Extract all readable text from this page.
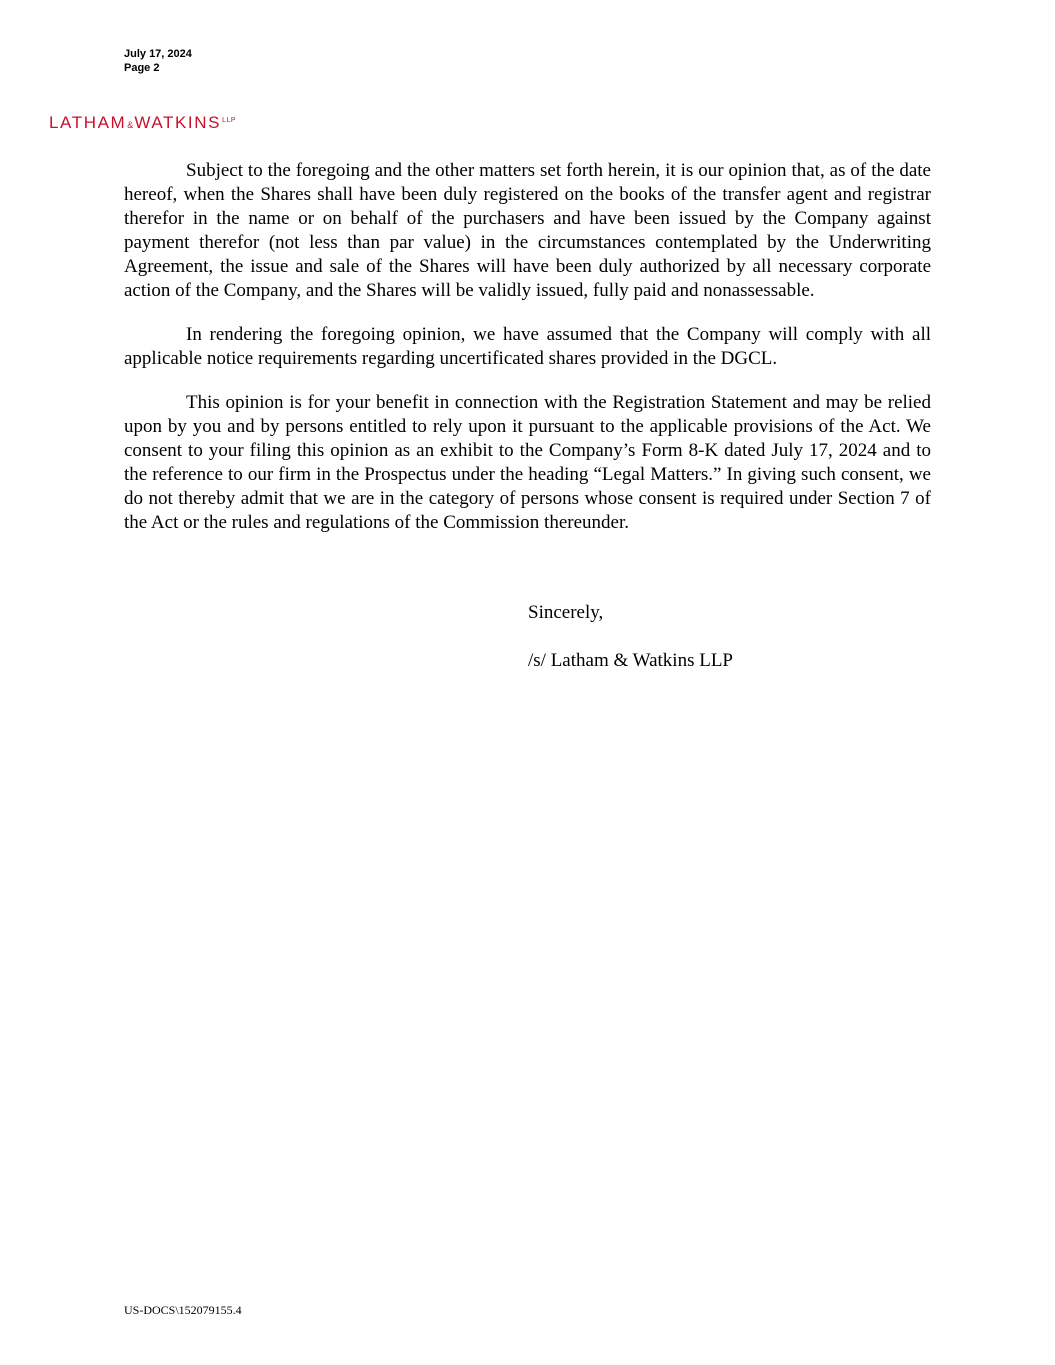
July 17, 2024
Page 2
$LATHAM\&WATKINS^{LLP}$

Subject to the foregoing and the other matters set forth herein, it is our opinion that, as of the date hereof, when the Shares shall have been duly registered on the books of the transfer agent and registrar therefor in the name or on behalf of the purchasers and have been issued by the Company against payment therefor (not less than par value) in the circumstances contemplated by the Underwriting Agreement, the issue and sale of the Shares will have been duly authorized by all necessary corporate action of the Company, and the Shares will be validly issued, fully paid and nonassessable.

In rendering the foregoing opinion, we have assumed that the Company will comply with all applicable notice requirements regarding uncertificated shares provided in the DGCL.

This opinion is for your benefit in connection with the Registration Statement and may be relied upon by you and by persons entitled to rely upon it pursuant to the applicable provisions of the Act. We consent to your filing this opinion as an exhibit to the Company’s Form 8-K dated July 17, 2024 and to the reference to our firm in the Prospectus under the heading “Legal Matters.” In giving such consent, we do not thereby admit that we are in the category of persons whose consent is required under Section 7 of the Act or the rules and regulations of the Commission thereunder.

Sincerely,
/s/ Latham & Watkins LLP
US-DOCS\152079155.4
